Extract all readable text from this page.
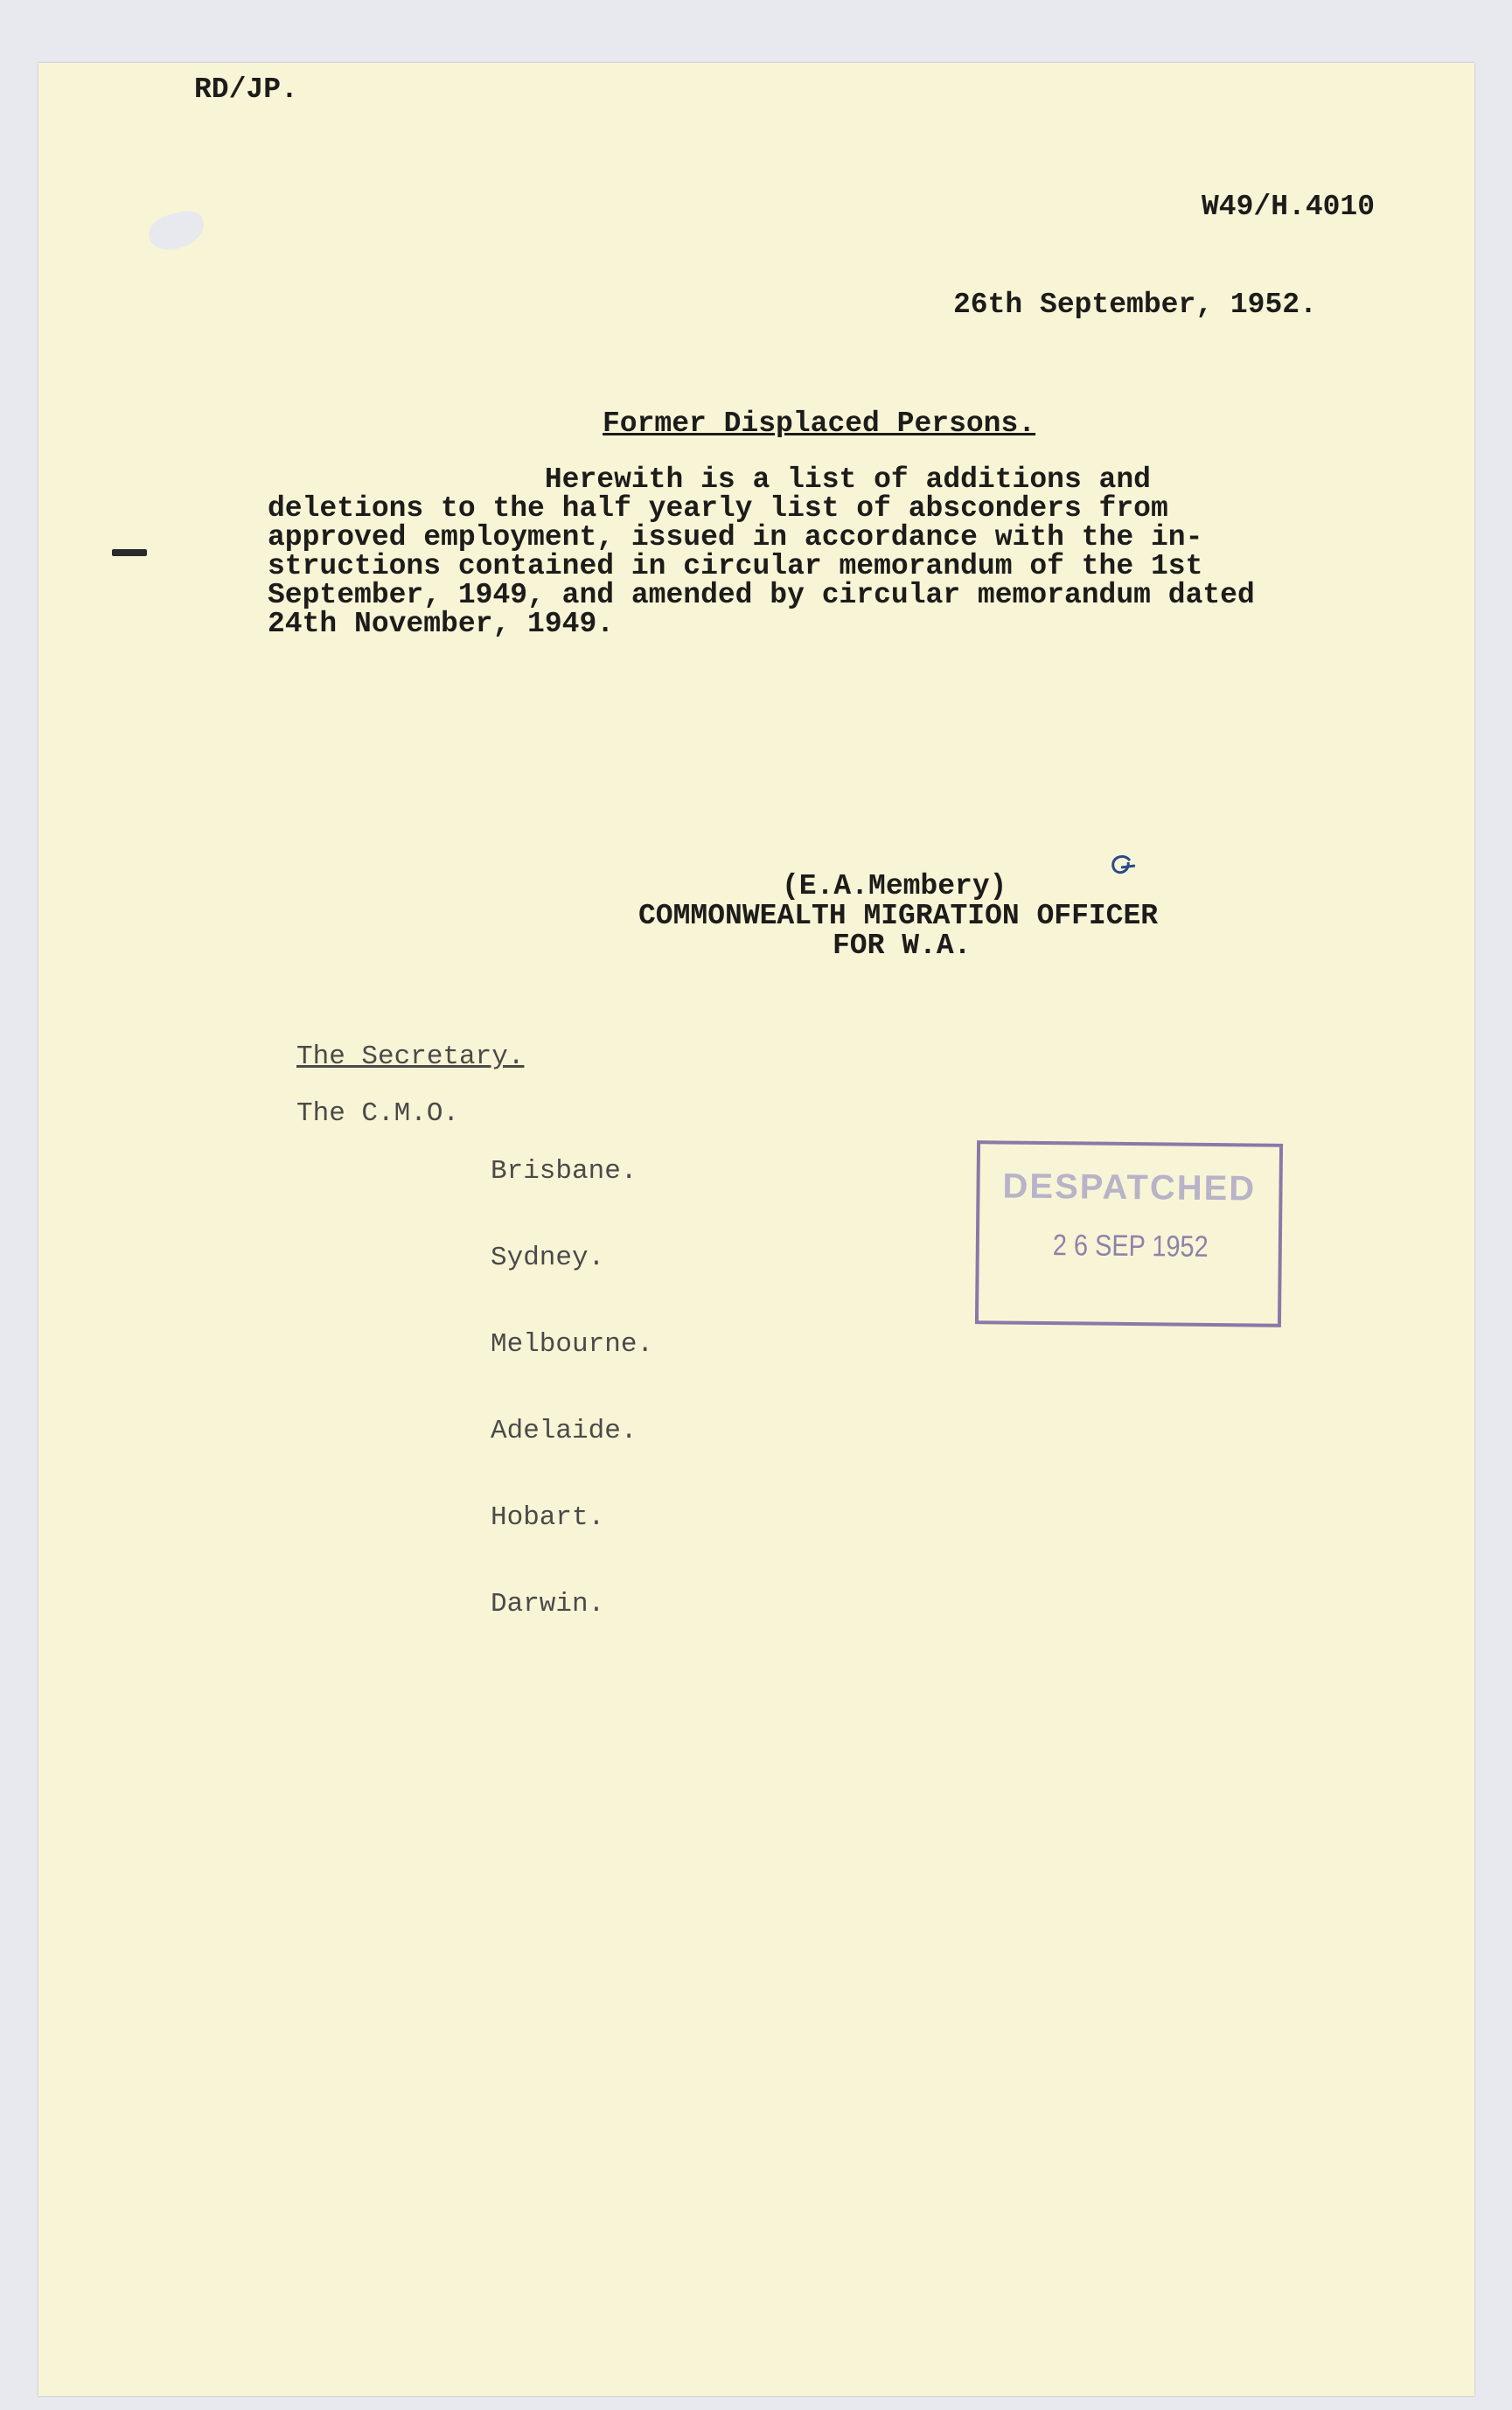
RD/JP.
W49/H.4010
26th September, 1952.
Former Displaced Persons.
Herewith is a list of additions and
deletions to the half yearly list of absconders from
approved employment, issued in accordance with the in-
structions contained in circular memorandum of the 1st
September, 1949, and amended by circular memorandum dated
24th November, 1949.
(E.A.Membery)
COMMONWEALTH MIGRATION OFFICER
FOR W.A.
The Secretary.
The C.M.O.

Brisbane.

Sydney.

Melbourne.

Adelaide.

Hobart.

Darwin.

DESPATCHED
2 6 SEP 1952
